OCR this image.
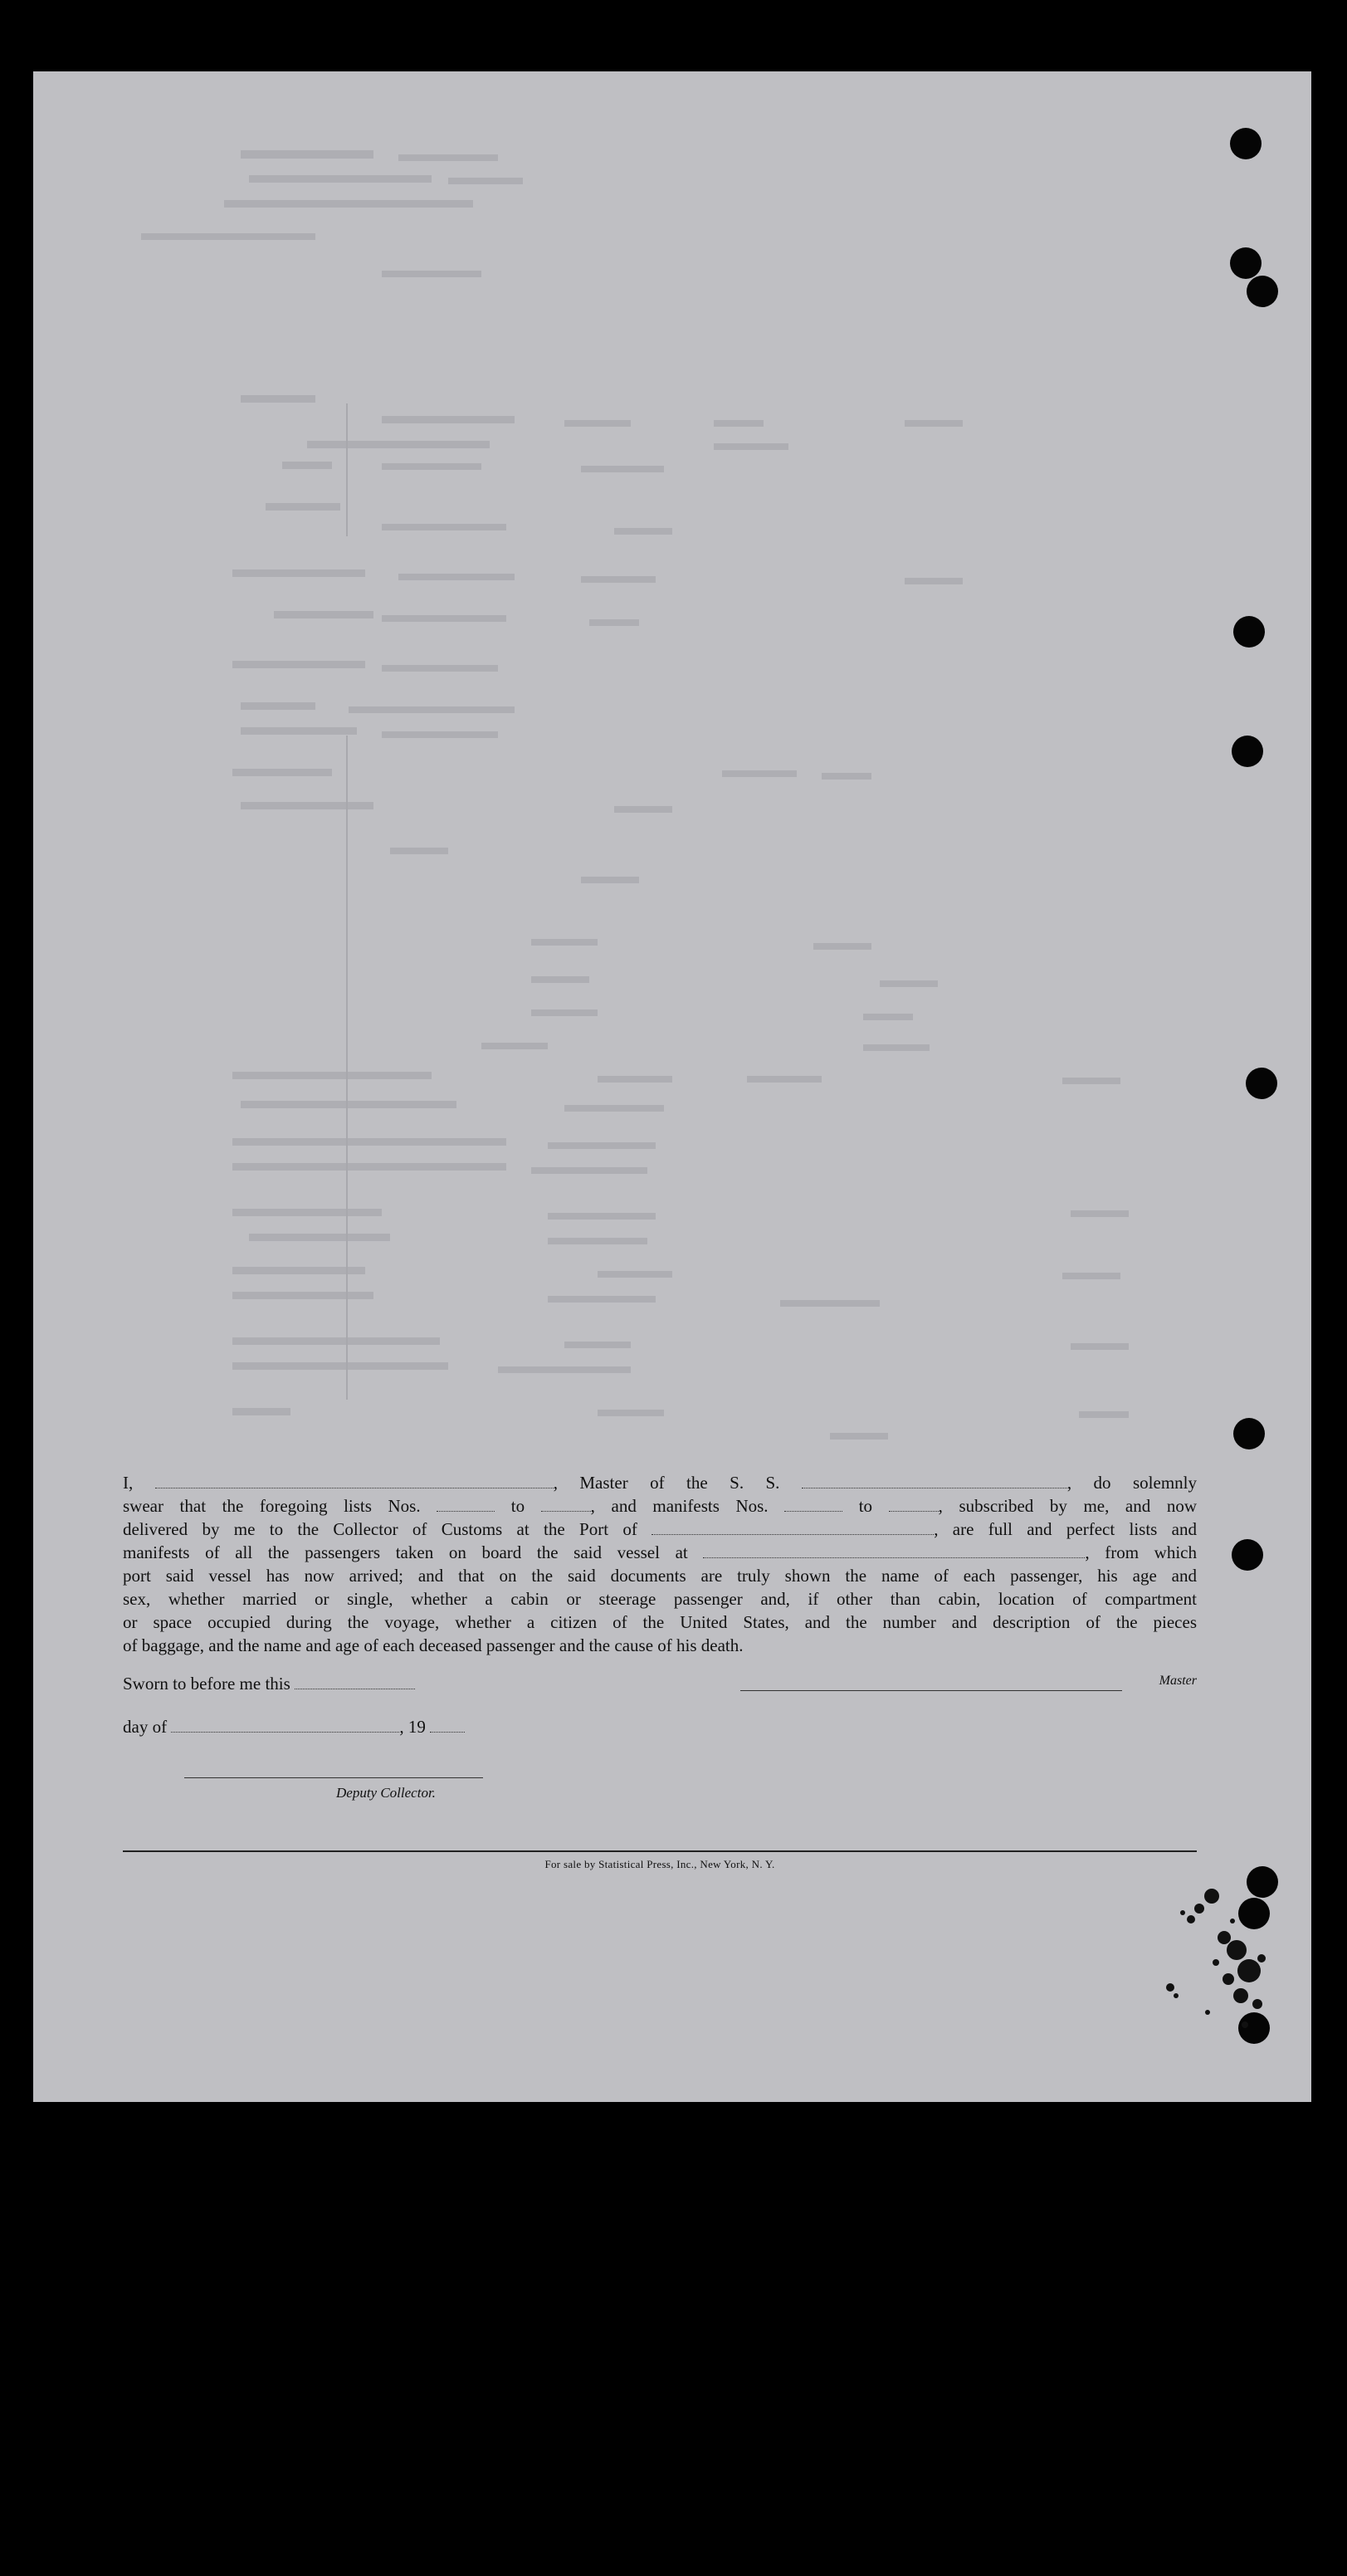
I,	, Master of the S. S.	, do solemnly
swear that the foregoing lists Nos.	to	, and manifests Nos.	to	, subscribed by me, and now
delivered by me to the Collector of Customs at the Port of	, are full and perfect lists and
manifests of all the passengers taken on board the said vessel at	, from which
port said vessel has now arrived; and that on the said documents are truly shown the name of each passenger, his age and
sex, whether married or single, whether a cabin or steerage passenger and, if other than cabin, location of compartment
or space occupied during the voyage, whether a citizen of the United States, and the number and description of the pieces
of baggage, and the name and age of each deceased passenger and the cause of his death.
Sworn to before me this	Master
day of	, 19
Deputy Collector.
For sale by Statistical Press, Inc., New York, N. Y.
